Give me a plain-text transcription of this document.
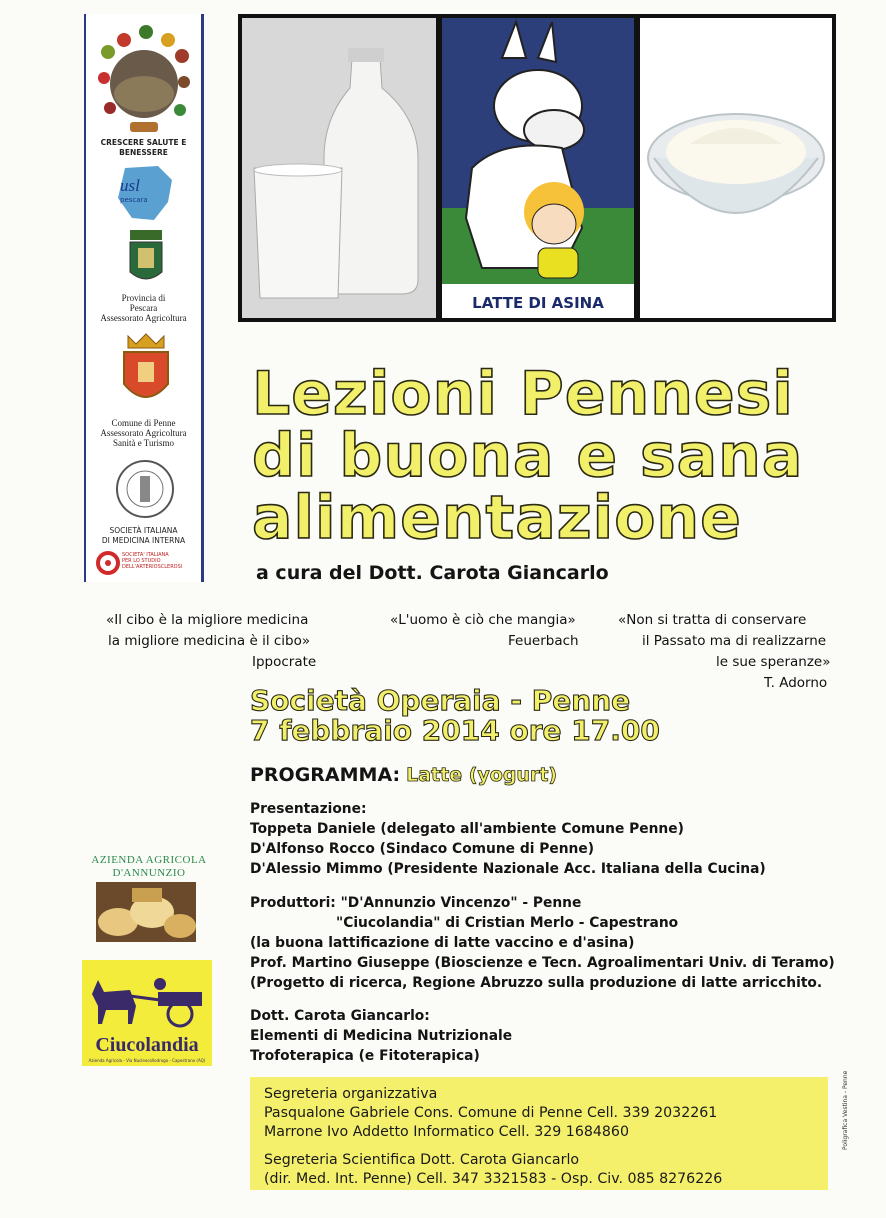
CRESCERE SALUTE E BENESSERE
usl
pescara
Provincia di
Pescara
Assessorato Agricoltura
Comune di Penne
Assessorato Agricoltura
Sanità e Turismo
SOCIETÀ ITALIANA
DI MEDICINA INTERNA
SOCIETA' ITALIANA
PER LO STUDIO
DELL'ARTERIOSCLEROSI
LATTE DI ASINA
Lezioni Pennesi
di buona e sana
alimentazione
a cura del Dott. Carota Giancarlo
«Il cibo è la migliore medicina
la migliore medicina è il cibo»
Ippocrate
«L'uomo è ciò che mangia»
Feuerbach
«Non si tratta di conservare
il Passato ma di realizzarne
le sue speranze»
T. Adorno
Società Operaia - Penne
7 febbraio 2014 ore 17.00
PROGRAMMA: Latte (yogurt)
Presentazione:
Toppeta Daniele (delegato all'ambiente Comune Penne)
D'Alfonso Rocco (Sindaco Comune di Penne)
D'Alessio Mimmo (Presidente Nazionale Acc. Italiana della Cucina)
Produttori: "D'Annunzio Vincenzo" - Penne
"Ciucolandia" di Cristian Merlo - Capestrano
(la buona lattificazione di latte vaccino e d'asina)
Prof. Martino Giuseppe (Bioscienze e Tecn. Agroalimentari Univ. di Teramo)
(Progetto di ricerca, Regione Abruzzo sulla produzione di latte arricchito.
Dott. Carota Giancarlo:
Elementi di Medicina Nutrizionale
Trofoterapica (e Fitoterapica)
AZIENDA AGRICOLA
D'ANNUNZIO
Ciucolandia
Azienda Agricola - Via Nucleocollodrogo - Capestrano (AQ)
Segreteria organizzativa
Pasqualone Gabriele Cons. Comune di Penne Cell. 339 2032261
Marrone Ivo Addetto Informatico Cell. 329 1684860
Segreteria Scientifica Dott. Carota Giancarlo
(dir. Med. Int. Penne) Cell. 347 3321583 - Osp. Civ. 085 8276226
Poligrafica Vestina - Penne
